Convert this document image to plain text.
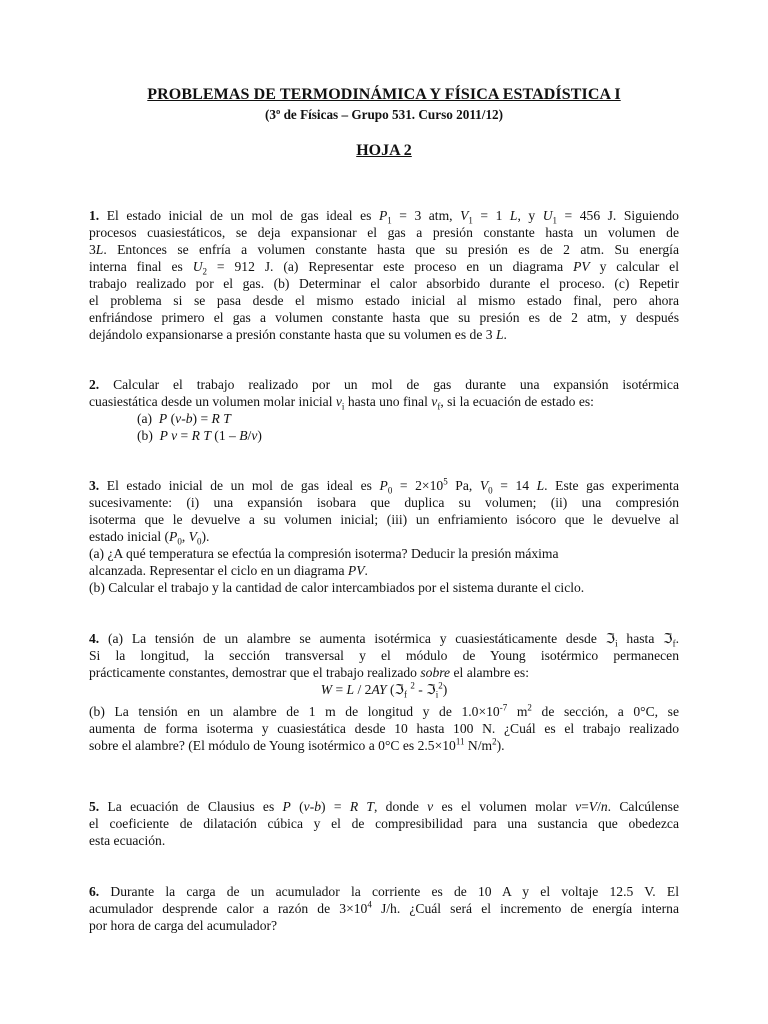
PROBLEMAS DE TERMODINÁMICA Y FÍSICA ESTADÍSTICA I
(3º de Físicas – Grupo 531. Curso 2011/12)
HOJA 2
1. El estado inicial de un mol de gas ideal es $P_1 = 3$ atm, $V_1 = 1$ L, y $U_1 = 456$ J. Siguiendo
procesos cuasiestáticos, se deja expansionar el gas a presión constante hasta un volumen de
3L. Entonces se enfría a volumen constante hasta que su presión es de 2 atm. Su energía
interna final es $U_2 = 912$ J. (a) Representar este proceso en un diagrama PV y calcular el
trabajo realizado por el gas. (b) Determinar el calor absorbido durante el proceso. (c) Repetir
el problema si se pasa desde el mismo estado inicial al mismo estado final, pero ahora
enfriándose primero el gas a volumen constante hasta que su presión es de 2 atm, y después
dejándolo expansionarse a presión constante hasta que su volumen es de 3 L.
2. Calcular el trabajo realizado por un mol de gas durante una expansión isotérmica
cuasiestática desde un volumen molar inicial $v_i$ hasta uno final $v_f$, si la ecuación de estado es:
(a)  P (v-b) = R T
(b)  P v = R T (1 – B/v)
3. El estado inicial de un mol de gas ideal es $P_0 = 2\times 10^5$ Pa, $V_0 = 14$ L. Este gas experimenta
sucesivamente: (i) una expansión isobara que duplica su volumen; (ii) una compresión
isoterma que le devuelve a su volumen inicial; (iii) un enfriamiento isócoro que le devuelve al
estado inicial ($P_0$, $V_0$).
(a) ¿A qué temperatura se efectúa la compresión isoterma? Deducir la presión máxima
alcanzada. Representar el ciclo en un diagrama PV.
(b) Calcular el trabajo y la cantidad de calor intercambiados por el sistema durante el ciclo.
4. (a) La tensión de un alambre se aumenta isotérmica y cuasiestáticamente desde ℑ$_i$ hasta ℑ$_f$.
Si la longitud, la sección transversal y el módulo de Young isotérmico permanecen
prácticamente constantes, demostrar que el trabajo realizado sobre el alambre es:
W = L / 2AY (ℑ$_f$ $^2$ - ℑ$_i^2$)
(b) La tensión en un alambre de 1 m de longitud y de $1.0\times 10^{-7}$ $m^2$ de sección, a 0°C, se
aumenta de forma isoterma y cuasiestática desde 10 hasta 100 N. ¿Cuál es el trabajo realizado
sobre el alambre? (El módulo de Young isotérmico a 0°C es $2.5\times 10^{11}$ $N/m^2$).
5. La ecuación de Clausius es P (v-b) = R T, donde v es el volumen molar v=V/n. Calcúlense
el coeficiente de dilatación cúbica y el de compresibilidad para una sustancia que obedezca
esta ecuación.
6. Durante la carga de un acumulador la corriente es de 10 A y el voltaje 12.5 V. El
acumulador desprende calor a razón de $3\times 10^4$ J/h. ¿Cuál será el incremento de energía interna
por hora de carga del acumulador?
